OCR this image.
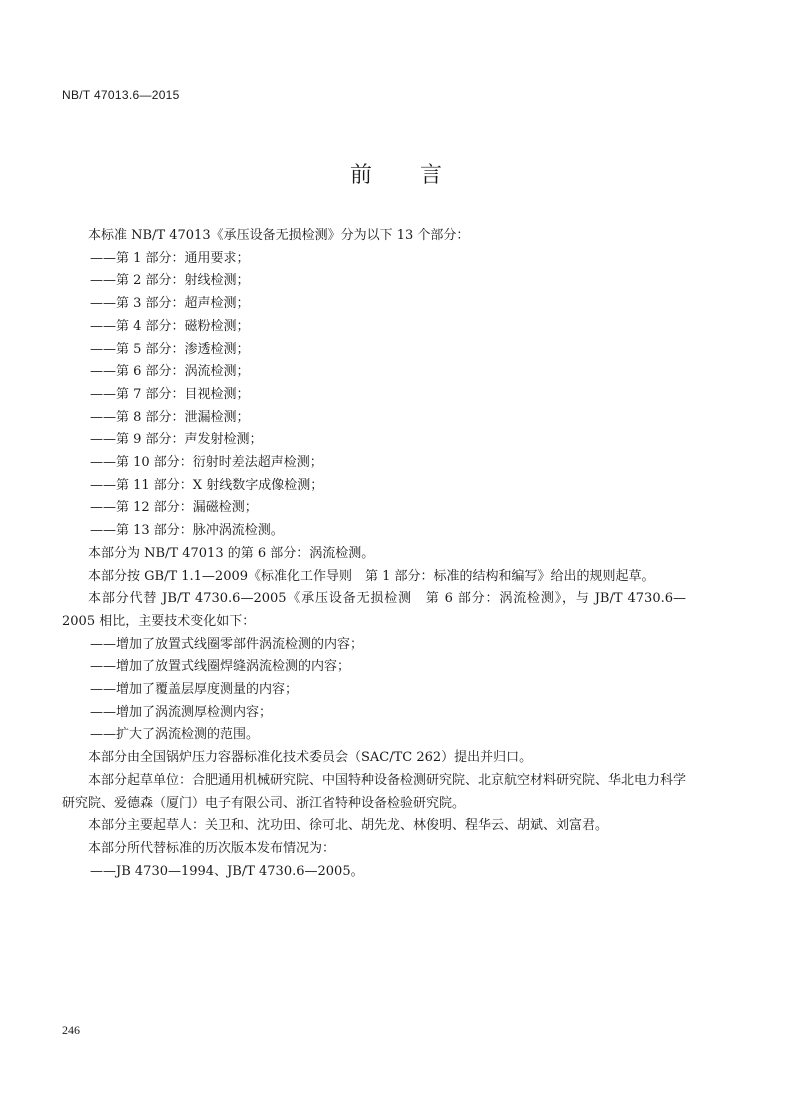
NB/T 47013.6—2015
前言
本标准 NB/T 47013《承压设备无损检测》分为以下 13 个部分：
——第 1 部分：通用要求；
——第 2 部分：射线检测；
——第 3 部分：超声检测；
——第 4 部分：磁粉检测；
——第 5 部分：渗透检测；
——第 6 部分：涡流检测；
——第 7 部分：目视检测；
——第 8 部分：泄漏检测；
——第 9 部分：声发射检测；
——第 10 部分：衍射时差法超声检测；
——第 11 部分：X 射线数字成像检测；
——第 12 部分：漏磁检测；
——第 13 部分：脉冲涡流检测。
本部分为 NB/T 47013 的第 6 部分：涡流检测。
本部分按 GB/T 1.1—2009《标准化工作导则　第 1 部分：标准的结构和编写》给出的规则起草。
本部分代替 JB/T 4730.6—2005《承压设备无损检测　第 6 部分：涡流检测》，与 JB/T 4730.6—2005 相比，主要技术变化如下：
——增加了放置式线圈零部件涡流检测的内容；
——增加了放置式线圈焊缝涡流检测的内容；
——增加了覆盖层厚度测量的内容；
——增加了涡流测厚检测内容；
——扩大了涡流检测的范围。
本部分由全国锅炉压力容器标准化技术委员会（SAC/TC 262）提出并归口。
本部分起草单位：合肥通用机械研究院、中国特种设备检测研究院、北京航空材料研究院、华北电力科学研究院、爱德森（厦门）电子有限公司、浙江省特种设备检验研究院。
本部分主要起草人：关卫和、沈功田、徐可北、胡先龙、林俊明、程华云、胡斌、刘富君。
本部分所代替标准的历次版本发布情况为：
——JB 4730—1994、JB/T 4730.6—2005。
246
